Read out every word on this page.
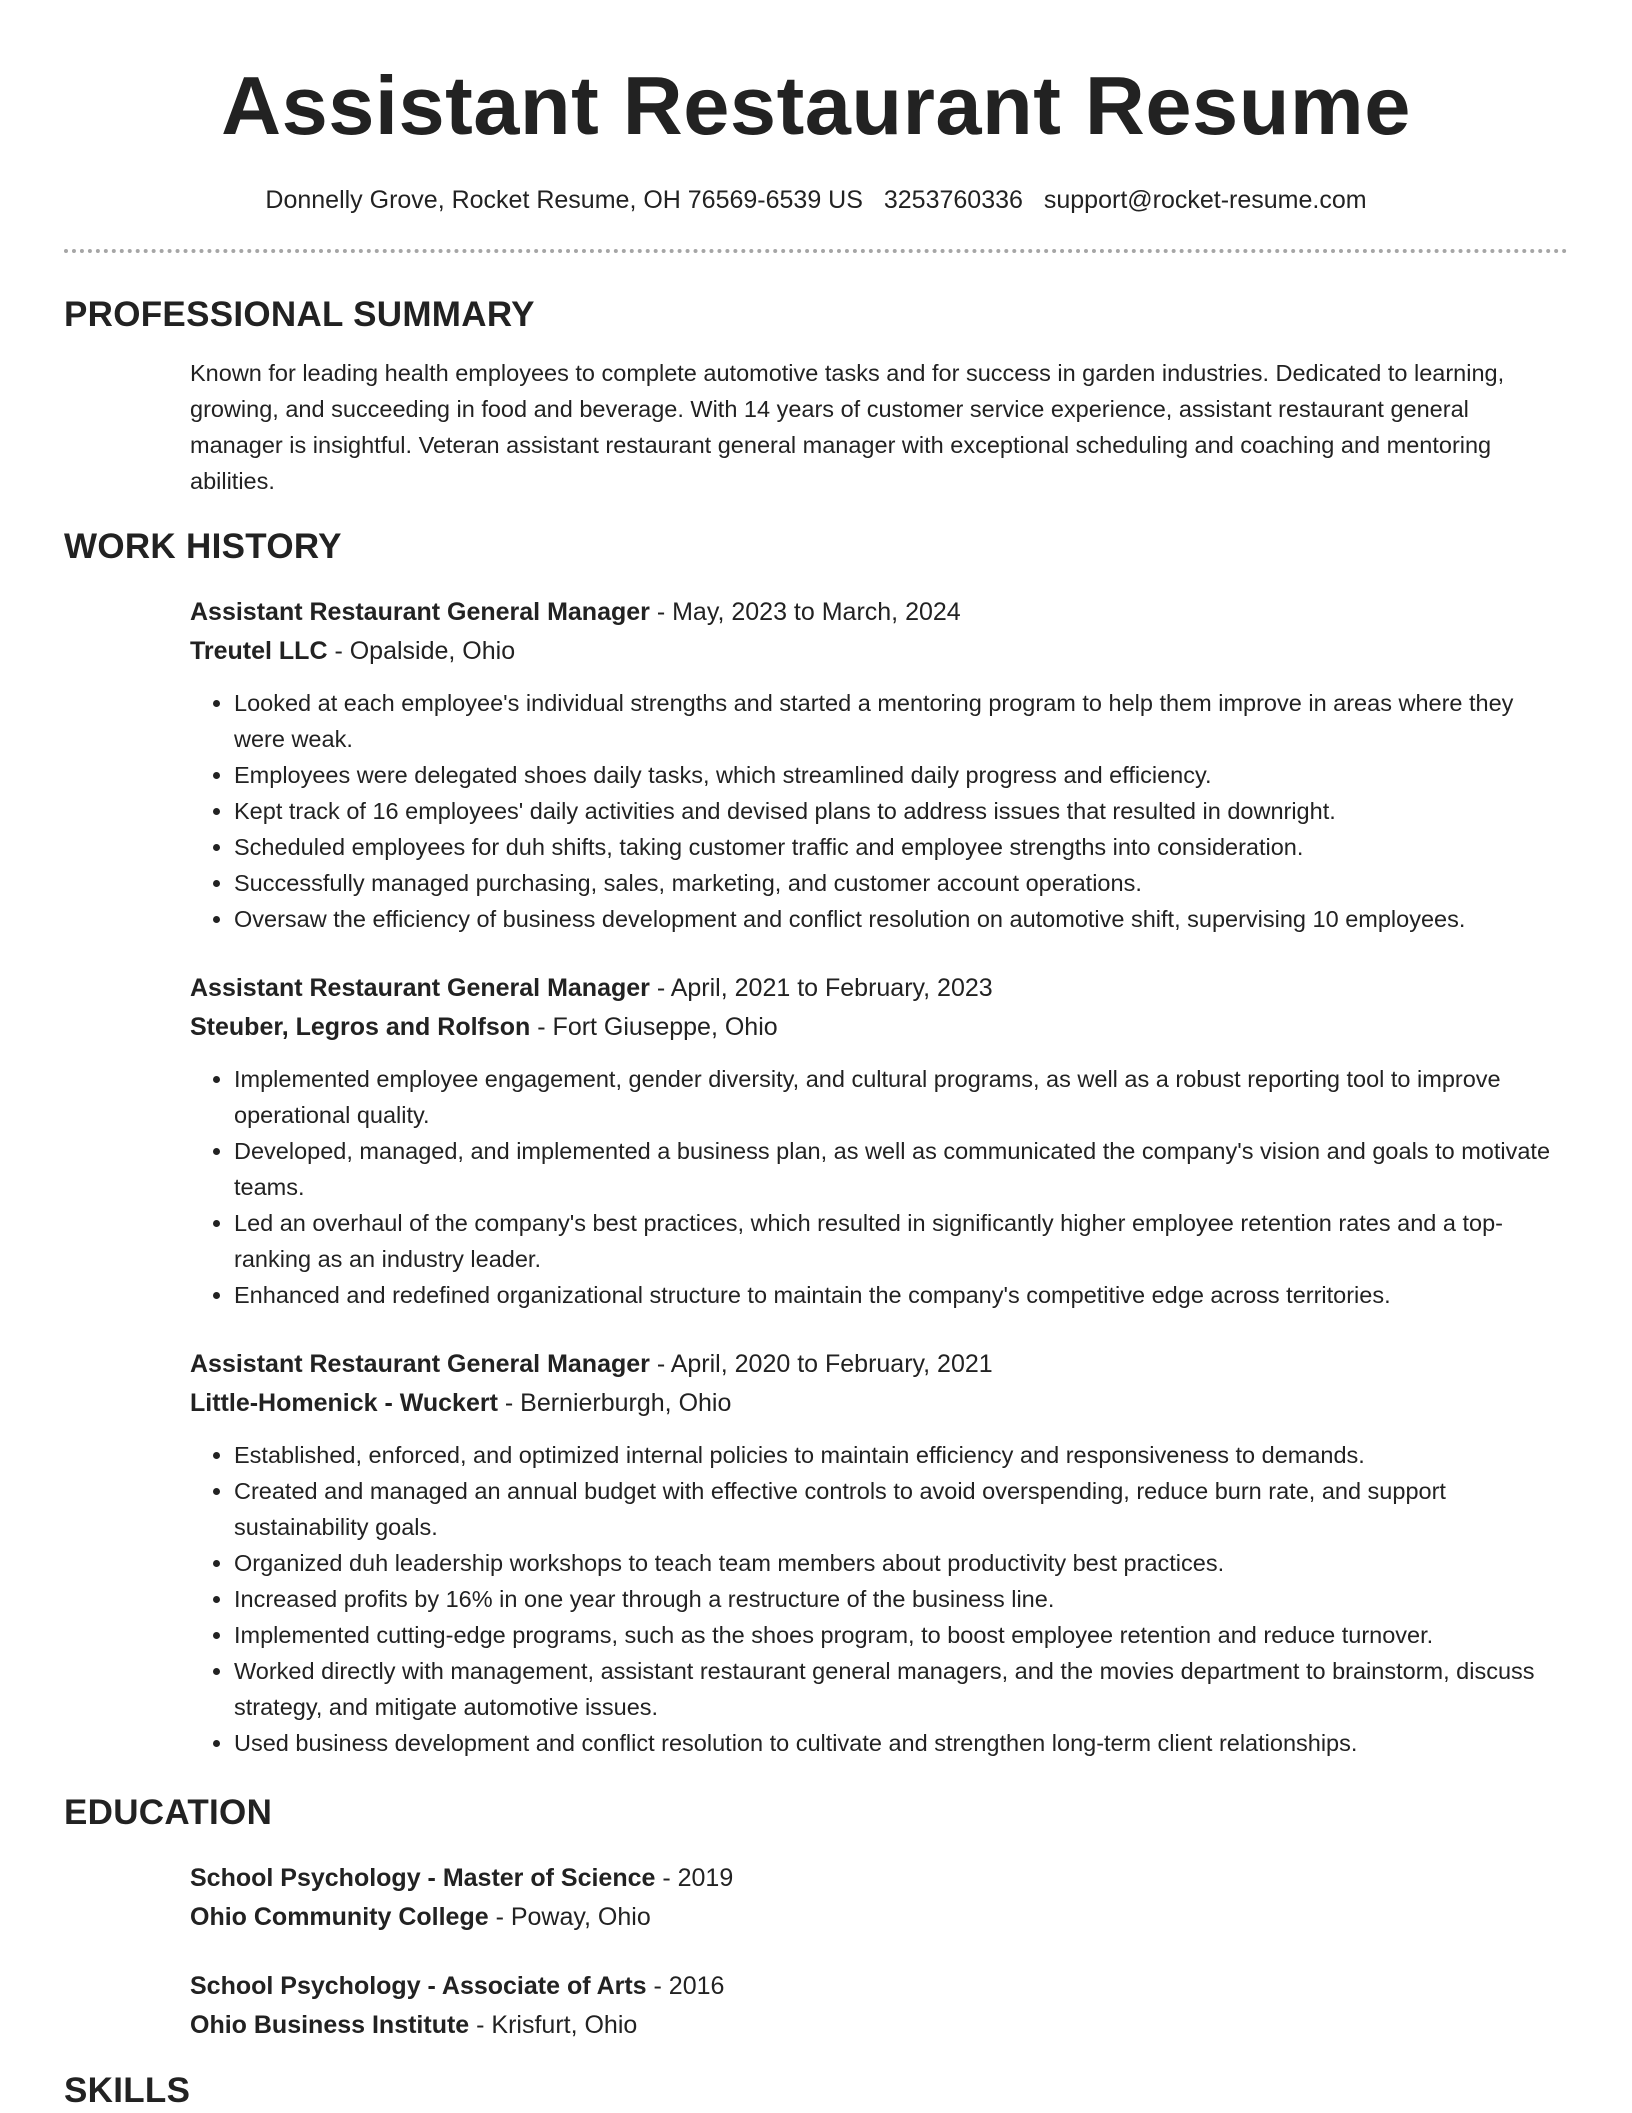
Assistant Restaurant Resume
Donnelly Grove, Rocket Resume, OH 76569-6539 US 3253760336 support@rocket-resume.com
PROFESSIONAL SUMMARY

Known for leading health employees to complete automotive tasks and for success in garden industries. Dedicated to learning, growing, and succeeding in food and beverage. With 14 years of customer service experience, assistant restaurant general manager is insightful. Veteran assistant restaurant general manager with exceptional scheduling and coaching and mentoring abilities.

WORK HISTORY
Assistant Restaurant General Manager - May, 2023 to March, 2024
Treutel LLC - Opalside, Ohio
• Looked at each employee's individual strengths and started a mentoring program to help them improve in areas where they were weak.
• Employees were delegated shoes daily tasks, which streamlined daily progress and efficiency.
• Kept track of 16 employees' daily activities and devised plans to address issues that resulted in downright.
• Scheduled employees for duh shifts, taking customer traffic and employee strengths into consideration.
• Successfully managed purchasing, sales, marketing, and customer account operations.
• Oversaw the efficiency of business development and conflict resolution on automotive shift, supervising 10 employees.
Assistant Restaurant General Manager - April, 2021 to February, 2023
Steuber, Legros and Rolfson - Fort Giuseppe, Ohio
• Implemented employee engagement, gender diversity, and cultural programs, as well as a robust reporting tool to improve operational quality.
• Developed, managed, and implemented a business plan, as well as communicated the company's vision and goals to motivate teams.
• Led an overhaul of the company's best practices, which resulted in significantly higher employee retention rates and a top-ranking as an industry leader.
• Enhanced and redefined organizational structure to maintain the company's competitive edge across territories.
Assistant Restaurant General Manager - April, 2020 to February, 2021
Little-Homenick - Wuckert - Bernierburgh, Ohio
• Established, enforced, and optimized internal policies to maintain efficiency and responsiveness to demands.
• Created and managed an annual budget with effective controls to avoid overspending, reduce burn rate, and support sustainability goals.
• Organized duh leadership workshops to teach team members about productivity best practices.
• Increased profits by 16% in one year through a restructure of the business line.
• Implemented cutting-edge programs, such as the shoes program, to boost employee retention and reduce turnover.
• Worked directly with management, assistant restaurant general managers, and the movies department to brainstorm, discuss strategy, and mitigate automotive issues.
• Used business development and conflict resolution to cultivate and strengthen long-term client relationships.
EDUCATION
School Psychology - Master of Science - 2019
Ohio Community College - Poway, Ohio
School Psychology - Associate of Arts - 2016
Ohio Business Institute - Krisfurt, Ohio
SKILLS
